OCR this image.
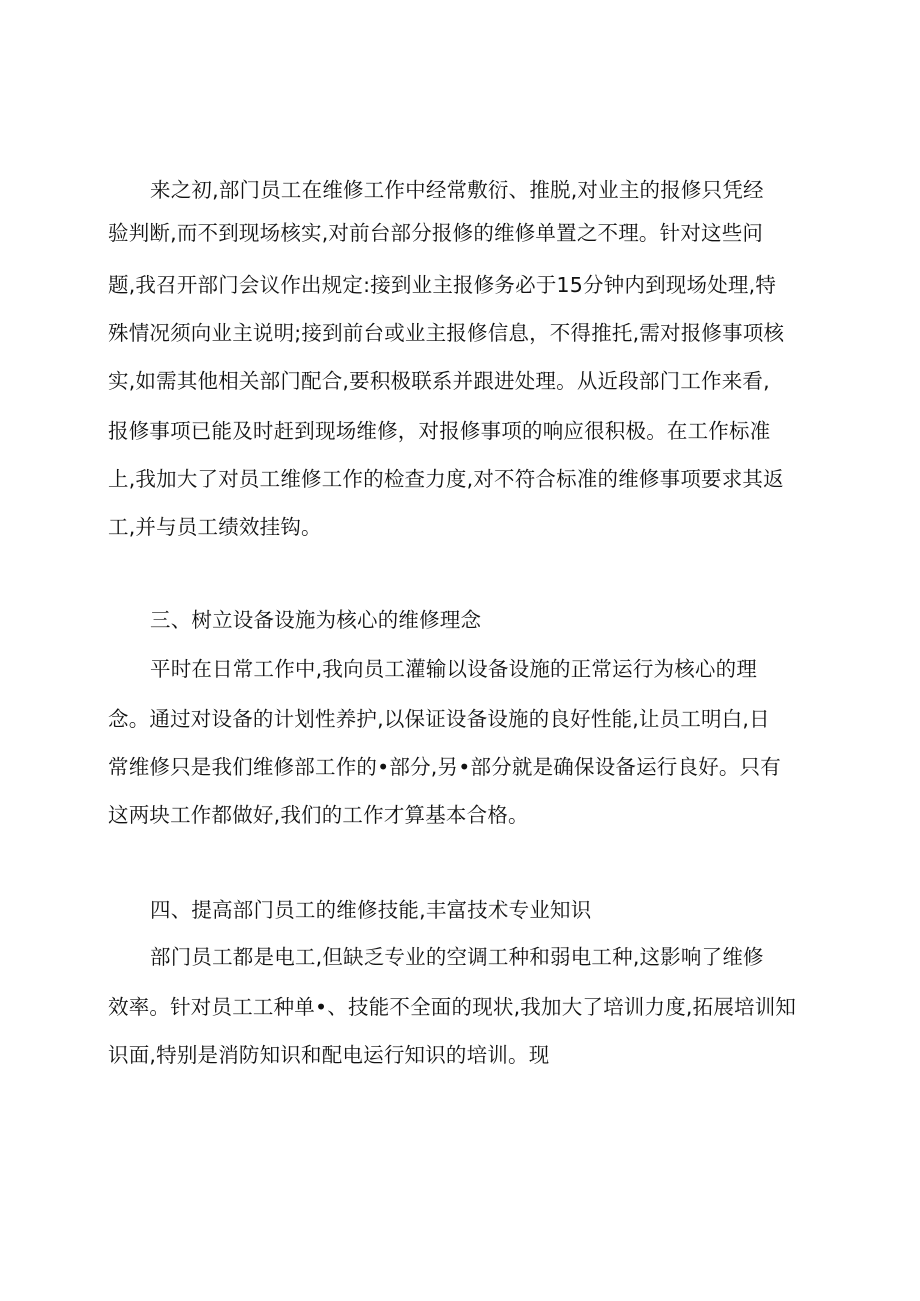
来之初,部门员工在维修工作中经常敷衍、推脱,对业主的报修只凭经
验判断,而不到现场核实,对前台部分报修的维修单置之不理。针对这些问
题,我召开部门会议作出规定:接到业主报修务必于15分钟内到现场处理,特
殊情况须向业主说明;接到前台或业主报修信息，不得推托,需对报修事项核
实,如需其他相关部门配合,要积极联系并跟进处理。从近段部门工作来看,
报修事项已能及时赶到现场维修，对报修事项的响应很积极。在工作标准
上,我加大了对员工维修工作的检查力度,对不符合标准的维修事项要求其返
工,并与员工绩效挂钩。
三、树立设备设施为核心的维修理念
平时在日常工作中,我向员工灌输以设备设施的正常运行为核心的理
念。通过对设备的计划性养护,以保证设备设施的良好性能,让员工明白,日
常维修只是我们维修部工作的•部分,另•部分就是确保设备运行良好。只有
这两块工作都做好,我们的工作才算基本合格。
四、提高部门员工的维修技能,丰富技术专业知识
部门员工都是电工,但缺乏专业的空调工种和弱电工种,这影响了维修
效率。针对员工工种单•、技能不全面的现状,我加大了培训力度,拓展培训知
识面,特别是消防知识和配电运行知识的培训。现
